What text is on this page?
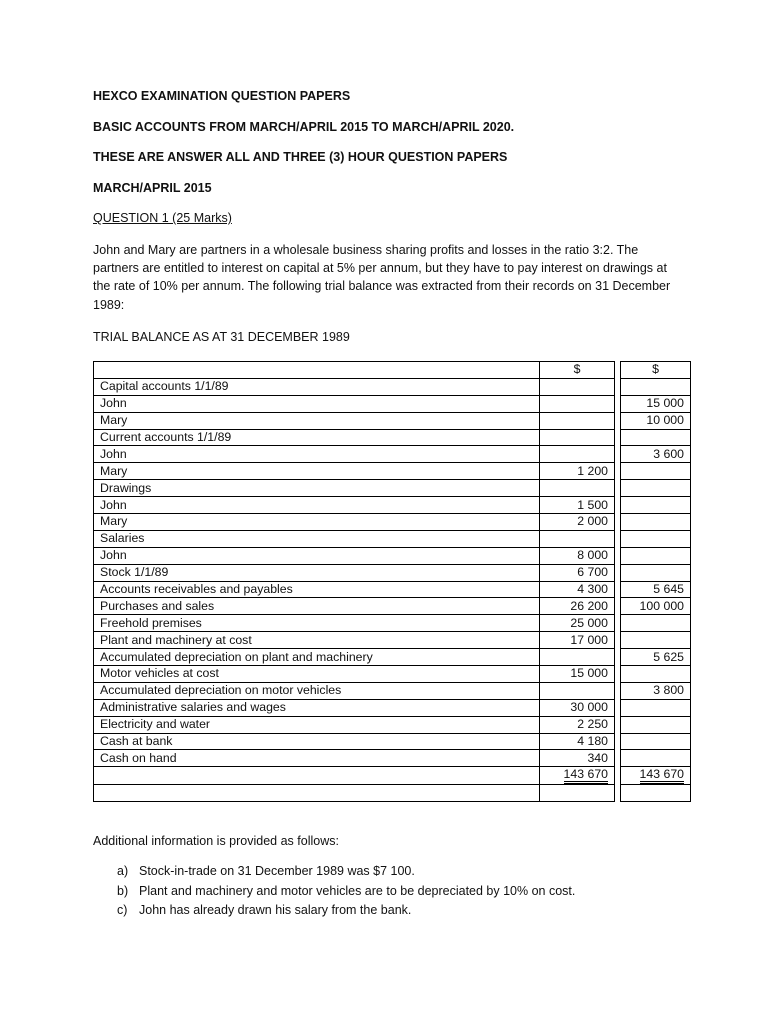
HEXCO EXAMINATION QUESTION PAPERS

BASIC ACCOUNTS FROM MARCH/APRIL 2015 TO MARCH/APRIL 2020.

THESE ARE ANSWER ALL AND THREE (3) HOUR QUESTION PAPERS

MARCH/APRIL 2015

QUESTION 1 (25 Marks)

John and Mary are partners in a wholesale business sharing profits and losses in the ratio 3:2. The partners are entitled to interest on capital at 5% per annum, but they have to pay interest on drawings at the rate of 10% per annum. The following trial balance was extracted from their records on 31 December 1989:

TRIAL BALANCE AS AT 31 DECEMBER 1989

	$		$
Capital accounts 1/1/89			
John			15 000
Mary			10 000
Current accounts 1/1/89			
John			3 600
Mary	1 200		
Drawings			
John	1 500		
Mary	2 000		
Salaries			
John	8 000		
Stock 1/1/89	6 700		
Accounts receivables and payables	4 300		5 645
Purchases and sales	26 200		100 000
Freehold premises	25 000		
Plant and machinery at cost	17 000		
Accumulated depreciation on plant and machinery			5 625
Motor vehicles at cost	15 000		
Accumulated depreciation on motor vehicles			3 800
Administrative salaries and wages	30 000		
Electricity and water	2 250		
Cash at bank	4 180		
Cash on hand	340		
	143 670		143 670

Additional information is provided as follows:

a) Stock-in-trade on 31 December 1989 was $7 100.
b) Plant and machinery and motor vehicles are to be depreciated by 10% on cost.
c) John has already drawn his salary from the bank.
